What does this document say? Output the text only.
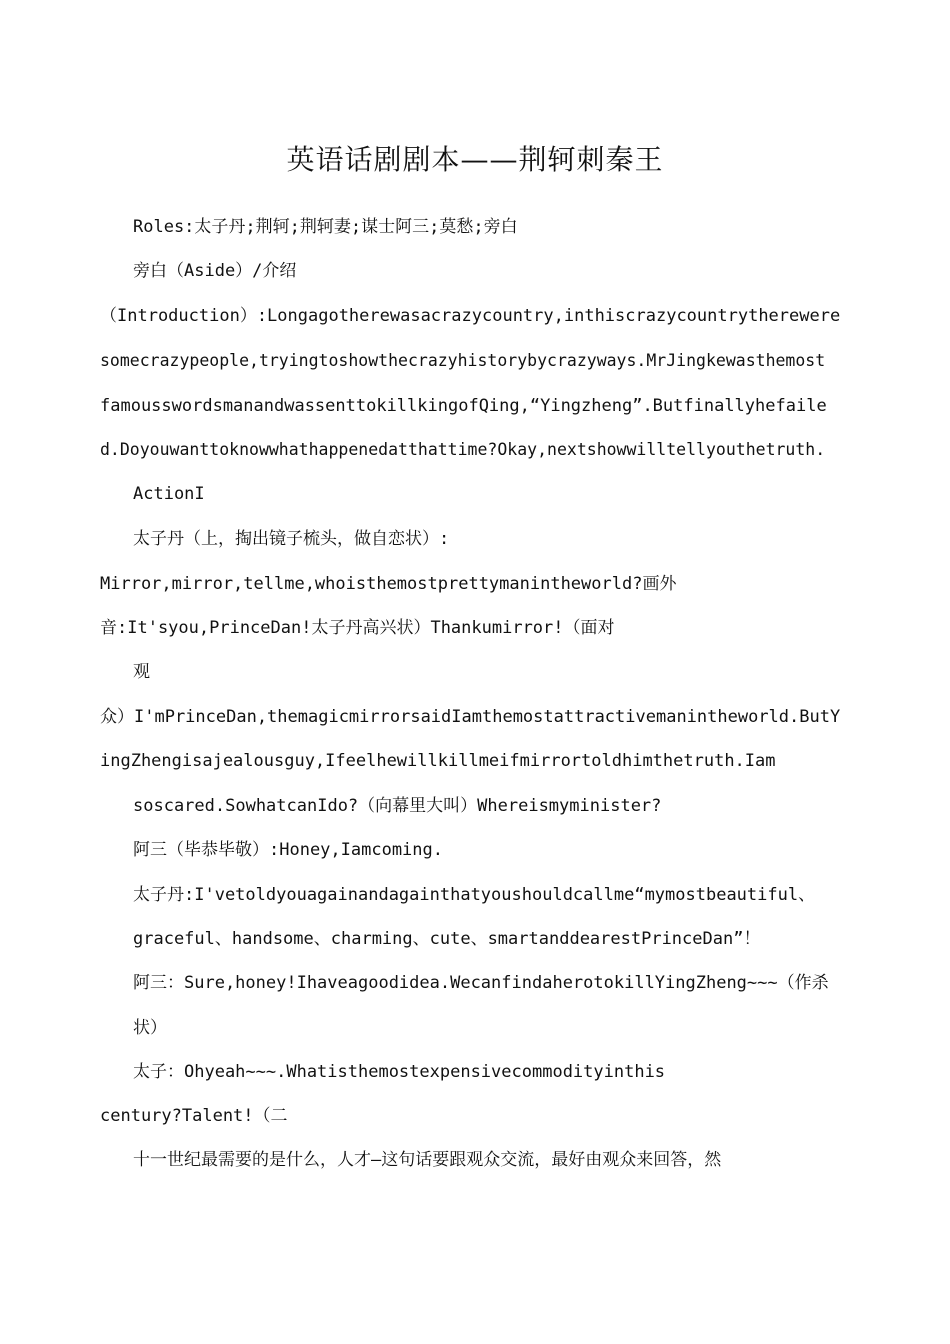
英语话剧剧本——荆轲刺秦王
Roles:太子丹;荆轲;荆轲妻;谋士阿三;莫愁;旁白
旁白（Aside）/介绍
（Introduction）:Longagotherewasacrazycountry,inthiscrazycountrytherewere
somecrazypeople,tryingtoshowthecrazyhistorybycrazyways.MrJingkewasthemost
famousswordsmanandwassenttokillkingofQing,“Yingzheng”.Butfinallyhefaile
d.Doyouwanttoknowwhathappenedatthattime?Okay,nextshowwilltellyouthetruth.
ActionI
太子丹（上，掏出镜子梳头，做自恋状）:
Mirror,mirror,tellme,whoisthemostprettymanintheworld?画外
音:It'syou,PrinceDan!太子丹高兴状）Thankumirror!（面对
观
众）I'mPrinceDan,themagicmirrorsaidIamthemostattractivemanintheworld.ButY
ingZhengisajealousguy,Ifeelhewillkillmeifmirrortoldhimthetruth.Iam
soscared.SowhatcanIdo?（向幕里大叫）Whereismyminister?
阿三（毕恭毕敬）:Honey,Iamcoming.
太子丹:I'vetoldyouagainandagainthatyoushouldcallme“mymostbeautiful、
graceful、handsome、charming、cute、smartanddearestPrinceDan”！
阿三：Sure,honey!Ihaveagoodidea.WecanfindaherotokillYingZheng~~~（作杀
状）
太子：Ohyeah~~~.Whatisthemostexpensivecommodityinthis
century?Talent!（二
十一世纪最需要的是什么，人才—这句话要跟观众交流，最好由观众来回答，然
